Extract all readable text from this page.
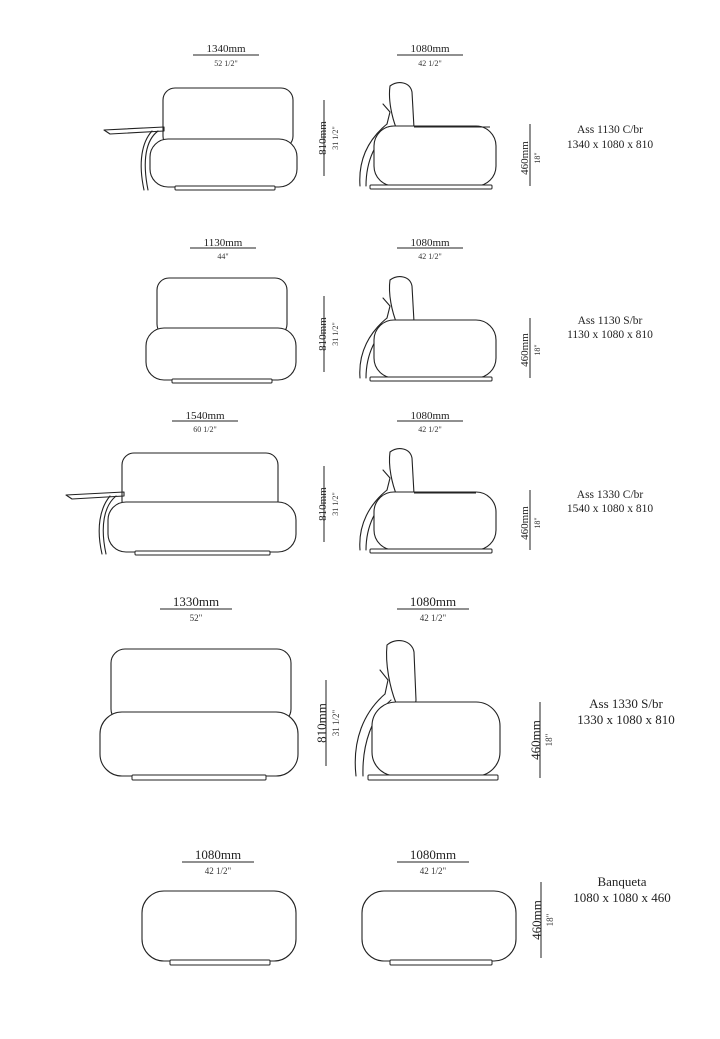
1340mm
52 1/2"
810mm 31 1/2"
1080mm
42 1/2"
460mm 18"
Ass 1130 C/br
1340 x 1080 x 810
1130mm
44"
810mm 31 1/2"
1080mm
42 1/2"
460mm 18"
Ass 1130 S/br
1130 x 1080 x 810
1540mm
60 1/2"
810mm 31 1/2"
1080mm
42 1/2"
460mm 18"
Ass 1330 C/br
1540 x 1080 x 810
1330mm
52"
810mm 31 1/2"
1080mm
42 1/2"
460mm 18"
Ass 1330 S/br
1330 x 1080 x 810
1080mm
42 1/2"
1080mm
42 1/2"
460mm 18"
Banqueta
1080 x 1080 x 460
